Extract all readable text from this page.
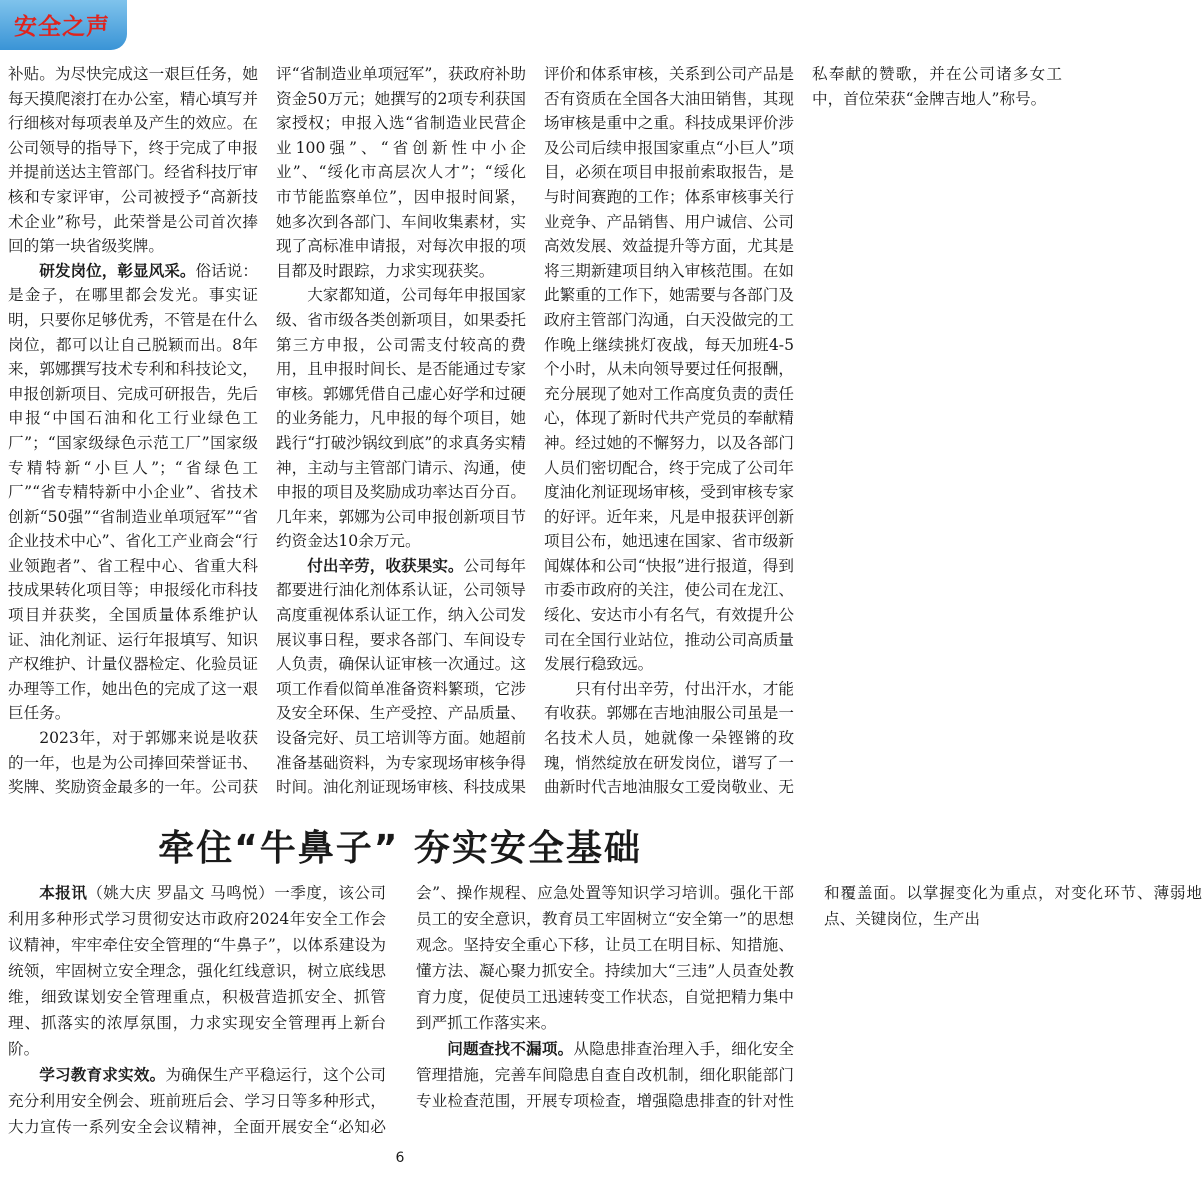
安全之声

补贴。为尽快完成这一艰巨任务，她每天摸爬滚打在办公室，精心填写并行细核对每项表单及产生的效应。在公司领导的指导下，终于完成了申报并提前送达主管部门。经省科技厅审核和专家评审，公司被授予“高新技术企业”称号，此荣誉是公司首次捧回的第一块省级奖牌。

研发岗位，彰显风采。俗话说：是金子，在哪里都会发光。事实证明，只要你足够优秀，不管是在什么岗位，都可以让自己脱颖而出。8年来，郭娜撰写技术专利和科技论文，申报创新项目、完成可研报告，先后申报“中国石油和化工行业绿色工厂”；“国家级绿色示范工厂”国家级专精特新“小巨人”；“省绿色工厂”“省专精特新中小企业”、省技术创新“50强”“省制造业单项冠军”“省企业技术中心”、省化工产业商会“行业领跑者”、省工程中心、省重大科技成果转化项目等；申报绥化市科技项目并获奖，全国质量体系维护认证、油化剂证、运行年报填写、知识产权维护、计量仪器检定、化验员证办理等工作，她出色的完成了这一艰巨任务。

2023年，对于郭娜来说是收获的一年，也是为公司捧回荣誉证书、奖牌、奖励资金最多的一年。公司获评“省制造业单项冠军”，获政府补助资金50万元；她撰写的2项专利获国家授权；申报入选“省制造业民营企业100强”、“省创新性中小企业”、“绥化市高层次人才”；“绥化市节能监察单位”，因申报时间紧，她多次到各部门、车间收集素材，实现了高标准申请报，对每次申报的项目都及时跟踪，力求实现获奖。

大家都知道，公司每年申报国家级、省市级各类创新项目，如果委托第三方申报，公司需支付较高的费用，且申报时间长、是否能通过专家审核。郭娜凭借自己虚心好学和过硬的业务能力，凡申报的每个项目，她践行“打破沙锅纹到底”的求真务实精神，主动与主管部门请示、沟通，使申报的项目及奖励成功率达百分百。几年来，郭娜为公司申报创新项目节约资金达10余万元。

付出辛劳，收获果实。公司每年都要进行油化剂体系认证，公司领导高度重视体系认证工作，纳入公司发展议事日程，要求各部门、车间设专人负责，确保认证审核一次通过。这项工作看似简单准备资料繁琐，它涉及安全环保、生产受控、产品质量、设备完好、员工培训等方面。她超前准备基础资料，为专家现场审核争得时间。油化剂证现场审核、科技成果评价和体系审核，关系到公司产品是否有资质在全国各大油田销售，其现场审核是重中之重。科技成果评价涉及公司后续申报国家重点“小巨人”项目，必须在项目申报前索取报告，是与时间赛跑的工作；体系审核事关行业竞争、产品销售、用户诚信、公司高效发展、效益提升等方面，尤其是将三期新建项目纳入审核范围。在如此繁重的工作下，她需要与各部门及政府主管部门沟通，白天没做完的工作晚上继续挑灯夜战，每天加班4-5个小时，从未向领导要过任何报酬，充分展现了她对工作高度负责的责任心，体现了新时代共产党员的奉献精神。经过她的不懈努力，以及各部门人员们密切配合，终于完成了公司年度油化剂证现场审核，受到审核专家的好评。近年来，凡是申报获评创新项目公布，她迅速在国家、省市级新闻媒体和公司“快报”进行报道，得到市委市政府的关注，使公司在龙江、绥化、安达市小有名气，有效提升公司在全国行业站位，推动公司高质量发展行稳致远。

只有付出辛劳，付出汗水，才能有收获。郭娜在吉地油服公司虽是一名技术人员，她就像一朵铿锵的玫瑰，悄然绽放在研发岗位，谱写了一曲新时代吉地油服女工爱岗敬业、无私奉献的赞歌，并在公司诸多女工中，首位荣获“金牌吉地人”称号。

牵住“牛鼻子” 夯实安全基础

本报讯（姚大庆 罗晶文 马鸣悦）一季度，该公司利用多种形式学习贯彻安达市政府2024年安全工作会议精神，牢牢牵住安全管理的“牛鼻子”，以体系建设为统领，牢固树立安全理念，强化红线意识，树立底线思维，细致谋划安全管理重点，积极营造抓安全、抓管理、抓落实的浓厚氛围，力求实现安全管理再上新台阶。

学习教育求实效。为确保生产平稳运行，这个公司充分利用安全例会、班前班后会、学习日等多种形式，大力宣传一系列安全会议精神，全面开展安全“必知必会”、操作规程、应急处置等知识学习培训。强化干部员工的安全意识，教育员工牢固树立“安全第一”的思想观念。坚持安全重心下移，让员工在明目标、知措施、懂方法、凝心聚力抓安全。持续加大“三违”人员查处教育力度，促使员工迅速转变工作状态，自觉把精力集中到严抓工作落实来。

问题查找不漏项。从隐患排查治理入手，细化安全管理措施，完善车间隐患自查自改机制，细化职能部门专业检查范围，开展专项检查，增强隐患排查的针对性和覆盖面。以掌握变化为重点，对变化环节、薄弱地点、关键岗位，生产出

6
